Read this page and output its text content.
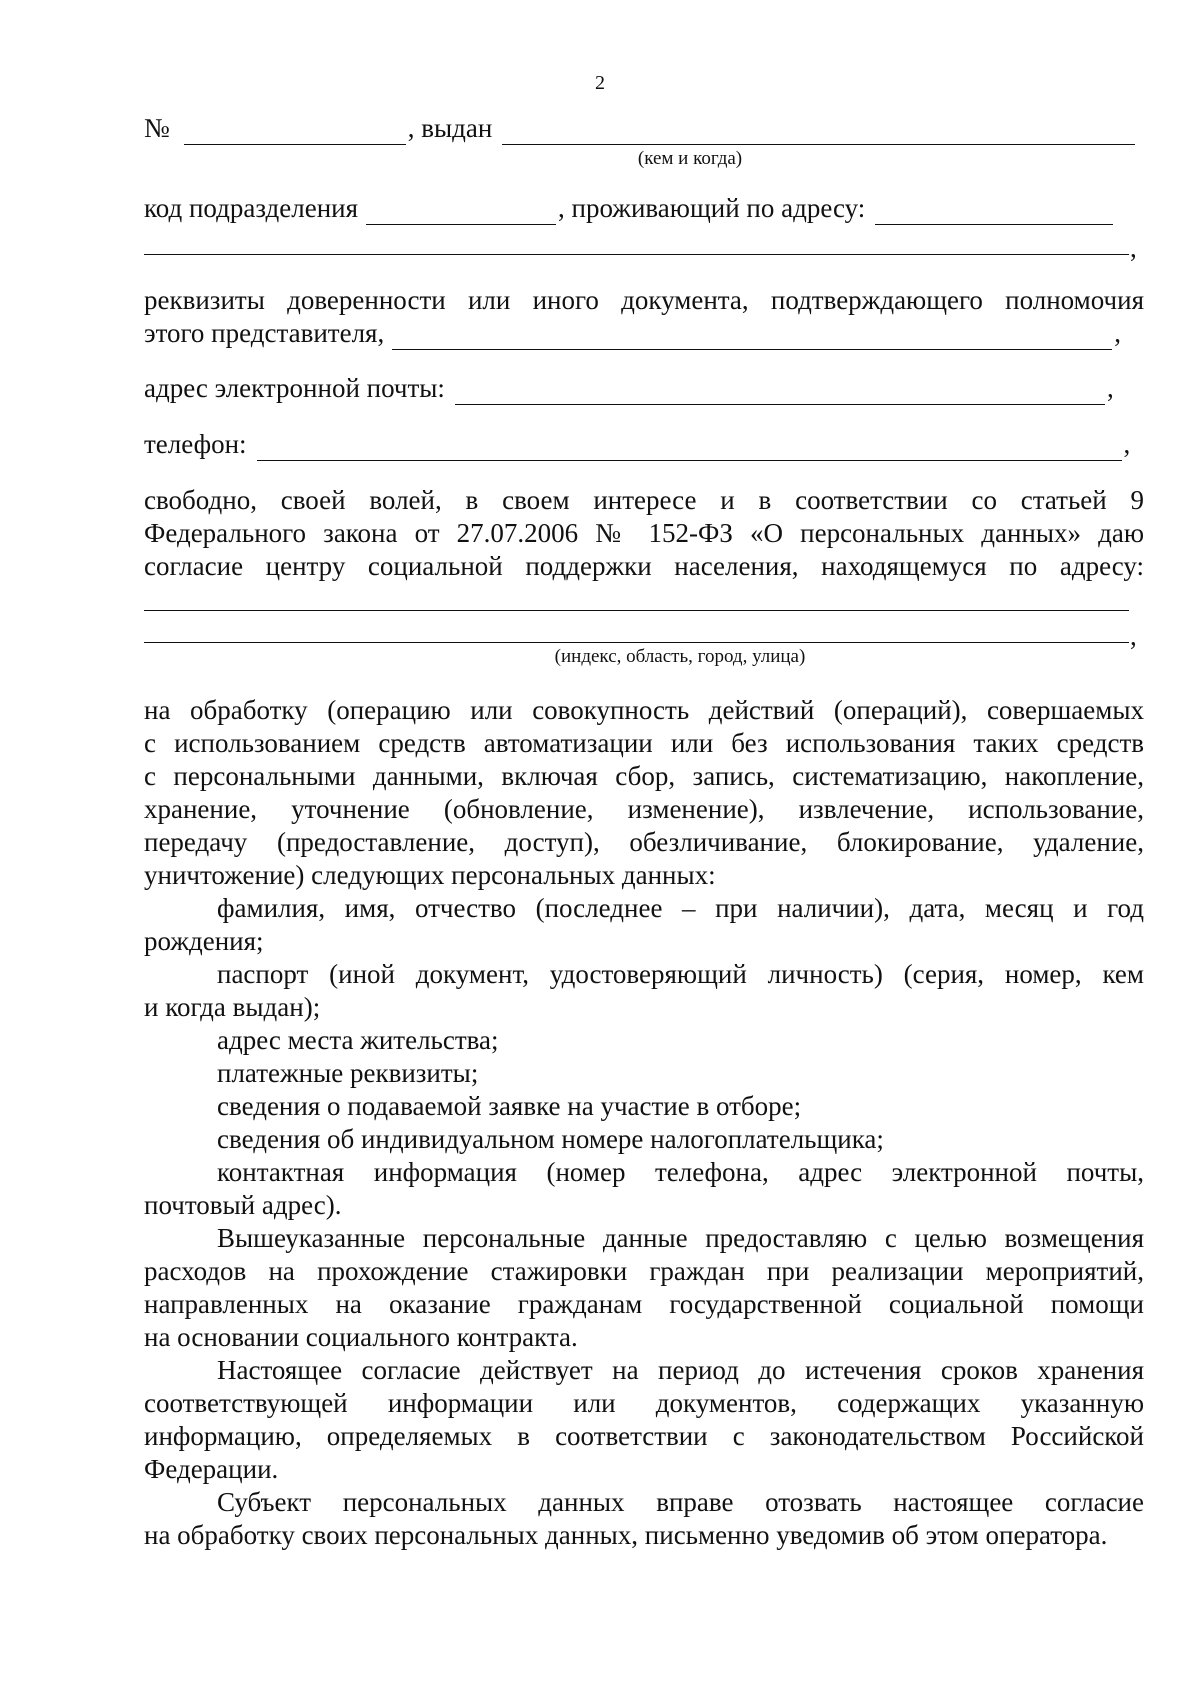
2
№	, выдан
(кем и когда)
код подразделения	, проживающий по адресу:
,
реквизиты доверенности или иного документа, подтверждающего полномочия
этого представителя,	,
адрес электронной почты:	,
телефон:	,
свободно, своей волей, в своем интересе и в соответствии со статьей 9
Федерального закона от 27.07.2006 № 152-ФЗ «О персональных данных» даю
согласие центру социальной поддержки населения, находящемуся по адресу:
,
(индекс, область, город, улица)
на обработку (операцию или совокупность действий (операций), совершаемых
с использованием средств автоматизации или без использования таких средств
с персональными данными, включая сбор, запись, систематизацию, накопление,
хранение, уточнение (обновление, изменение), извлечение, использование,
передачу (предоставление, доступ), обезличивание, блокирование, удаление,
уничтожение) следующих персональных данных:
фамилия, имя, отчество (последнее – при наличии), дата, месяц и год
рождения;
паспорт (иной документ, удостоверяющий личность) (серия, номер, кем
и когда выдан);
адрес места жительства;
платежные реквизиты;
сведения о подаваемой заявке на участие в отборе;
сведения об индивидуальном номере налогоплательщика;
контактная информация (номер телефона, адрес электронной почты,
почтовый адрес).
Вышеуказанные персональные данные предоставляю с целью возмещения
расходов на прохождение стажировки граждан при реализации мероприятий,
направленных на оказание гражданам государственной социальной помощи
на основании социального контракта.
Настоящее согласие действует на период до истечения сроков хранения
соответствующей информации или документов, содержащих указанную
информацию, определяемых в соответствии с законодательством Российской
Федерации.
Субъект персональных данных вправе отозвать настоящее согласие
на обработку своих персональных данных, письменно уведомив об этом оператора.
